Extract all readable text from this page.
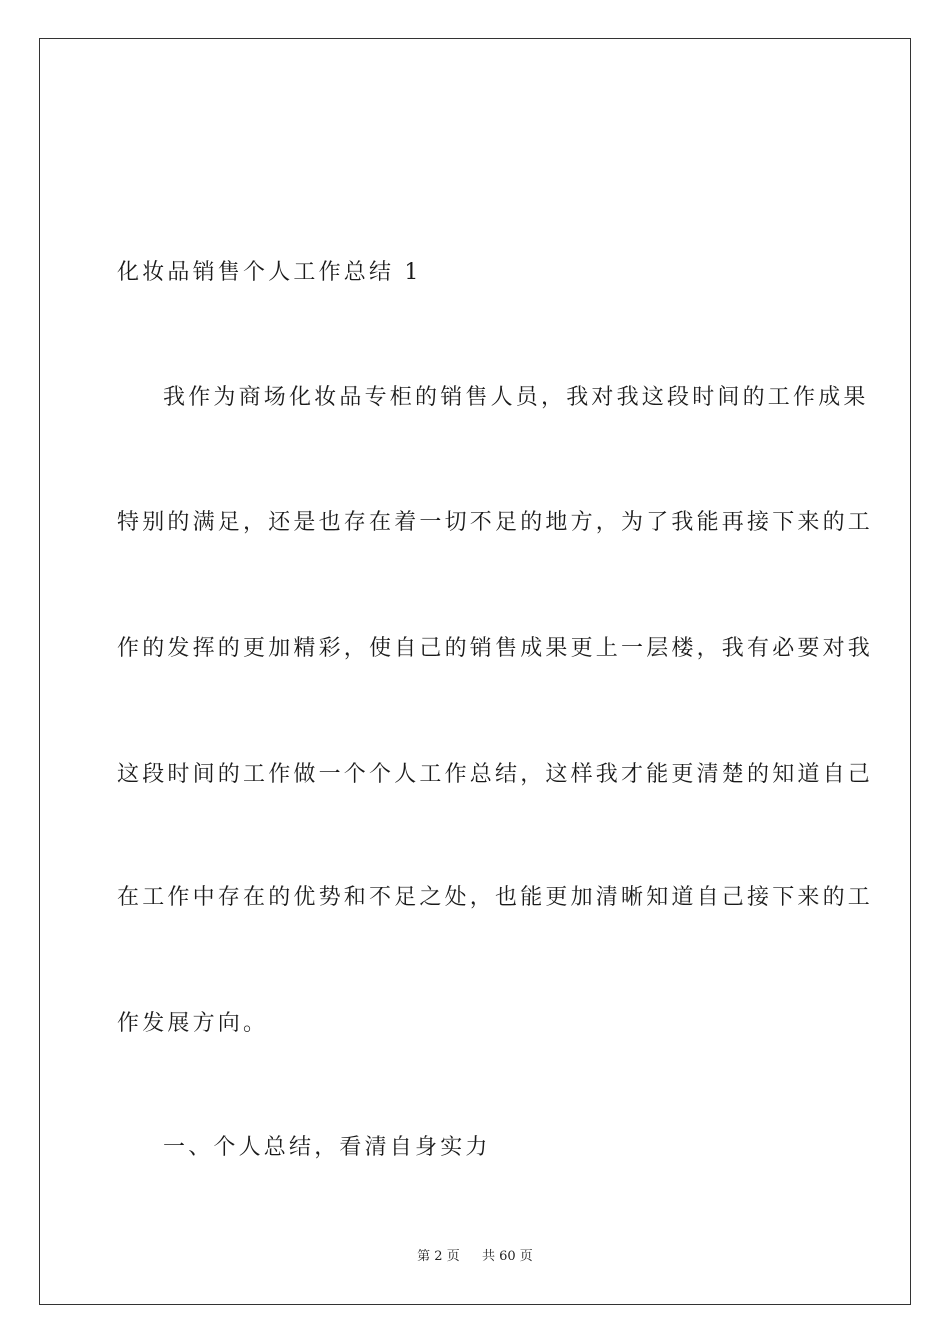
化妆品销售个人工作总结 1
我作为商场化妆品专柜的销售人员，我对我这段时间的工作成果
特别的满足，还是也存在着一切不足的地方，为了我能再接下来的工
作的发挥的更加精彩，使自己的销售成果更上一层楼，我有必要对我
这段时间的工作做一个个人工作总结，这样我才能更清楚的知道自己
在工作中存在的优势和不足之处，也能更加清晰知道自己接下来的工
作发展方向。
一、个人总结，看清自身实力
第 2 页 共 60 页
